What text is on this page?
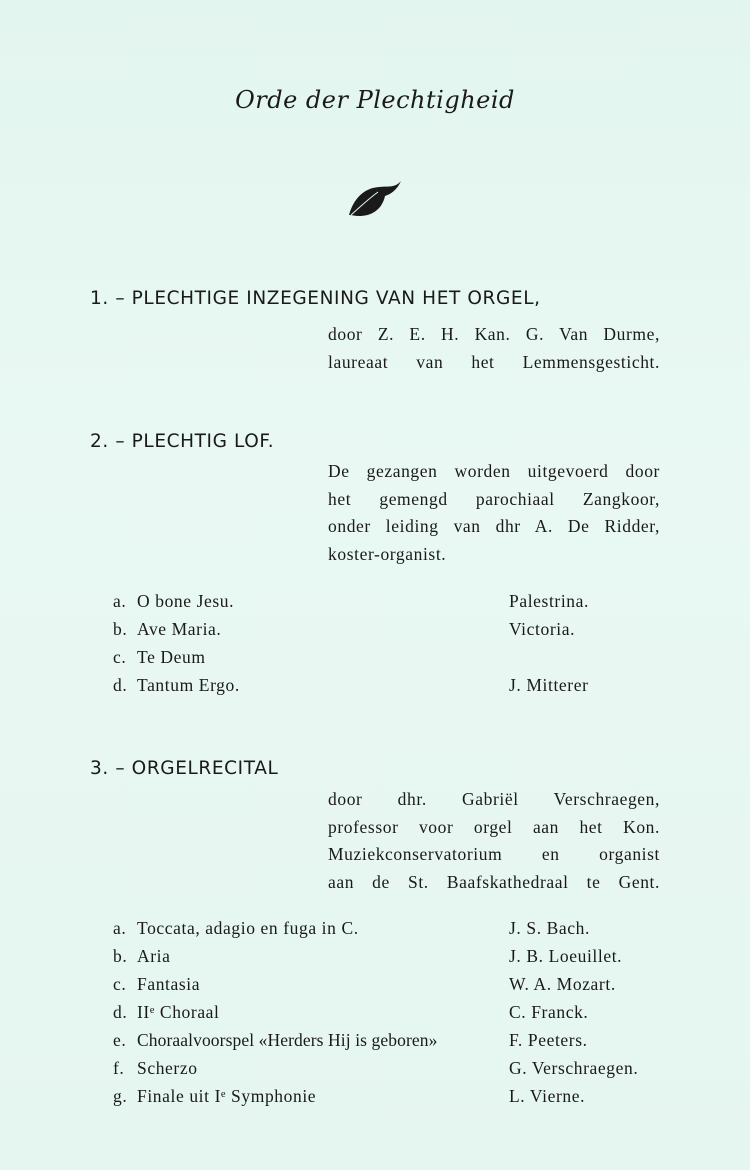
Orde der Plechtigheid
1. – PLECHTIGE INZEGENING VAN HET ORGEL,
door Z. E. H. Kan. G. Van Durme,
laureaat van het Lemmensgesticht.
2. – PLECHTIG LOF.
De gezangen worden uitgevoerd door
het gemengd parochiaal Zangkoor,
onder leiding van dhr A. De Ridder,
koster-organist.
a. O bone Jesu.	Palestrina.
b. Ave Maria.	Victoria.
c. Te Deum
d. Tantum Ergo.	J. Mitterer
3. – ORGELRECITAL
door dhr. Gabriël Verschraegen,
professor voor orgel aan het Kon.
Muziekconservatorium en organist
aan de St. Baafskathedraal te Gent.
a. Toccata, adagio en fuga in C.	J. S. Bach.
b. Aria	J. B. Loeuillet.
c. Fantasia	W. A. Mozart.
d. IIᵉ Choraal	C. Franck.
e. Choraalvoorspel «Herders Hij is geboren»	F. Peeters.
f. Scherzo	G. Verschraegen.
g. Finale uit Iᵉ Symphonie	L. Vierne.
